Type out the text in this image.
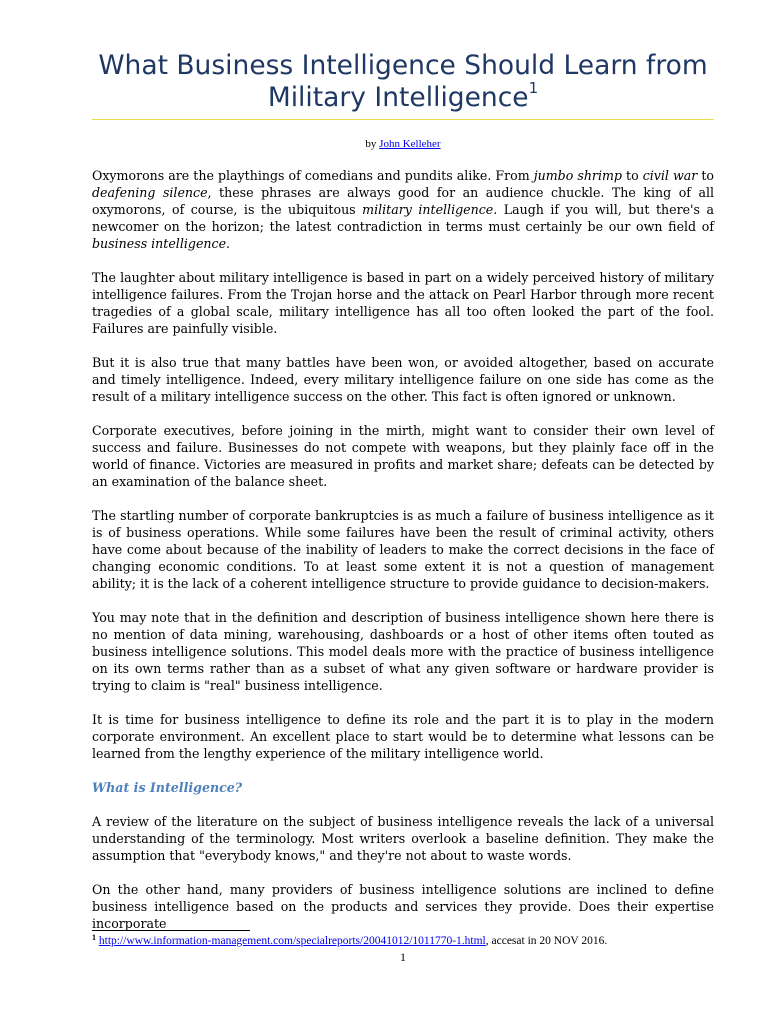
What Business Intelligence Should Learn from Military Intelligence$^1$
by John Kelleher

Oxymorons are the playthings of comedians and pundits alike. From jumbo shrimp to civil war to deafening silence, these phrases are always good for an audience chuckle. The king of all oxymorons, of course, is the ubiquitous military intelligence. Laugh if you will, but there's a newcomer on the horizon; the latest contradiction in terms must certainly be our own field of business intelligence.

The laughter about military intelligence is based in part on a widely perceived history of military intelligence failures. From the Trojan horse and the attack on Pearl Harbor through more recent tragedies of a global scale, military intelligence has all too often looked the part of the fool. Failures are painfully visible.

But it is also true that many battles have been won, or avoided altogether, based on accurate and timely intelligence. Indeed, every military intelligence failure on one side has come as the result of a military intelligence success on the other. This fact is often ignored or unknown.

Corporate executives, before joining in the mirth, might want to consider their own level of success and failure. Businesses do not compete with weapons, but they plainly face off in the world of finance. Victories are measured in profits and market share; defeats can be detected by an examination of the balance sheet.

The startling number of corporate bankruptcies is as much a failure of business intelligence as it is of business operations. While some failures have been the result of criminal activity, others have come about because of the inability of leaders to make the correct decisions in the face of changing economic conditions. To at least some extent it is not a question of management ability; it is the lack of a coherent intelligence structure to provide guidance to decision-makers.

You may note that in the definition and description of business intelligence shown here there is no mention of data mining, warehousing, dashboards or a host of other items often touted as business intelligence solutions. This model deals more with the practice of business intelligence on its own terms rather than as a subset of what any given software or hardware provider is trying to claim is "real" business intelligence.

It is time for business intelligence to define its role and the part it is to play in the modern corporate environment. An excellent place to start would be to determine what lessons can be learned from the lengthy experience of the military intelligence world.

What is Intelligence?

A review of the literature on the subject of business intelligence reveals the lack of a universal understanding of the terminology. Most writers overlook a baseline definition. They make the assumption that "everybody knows," and they're not about to waste words.

On the other hand, many providers of business intelligence solutions are inclined to define business intelligence based on the products and services they provide. Does their expertise incorporate

$^1$ http://www.information-management.com/specialreports/20041012/1011770-1.html, accesat in 20 NOV 2016.
1
